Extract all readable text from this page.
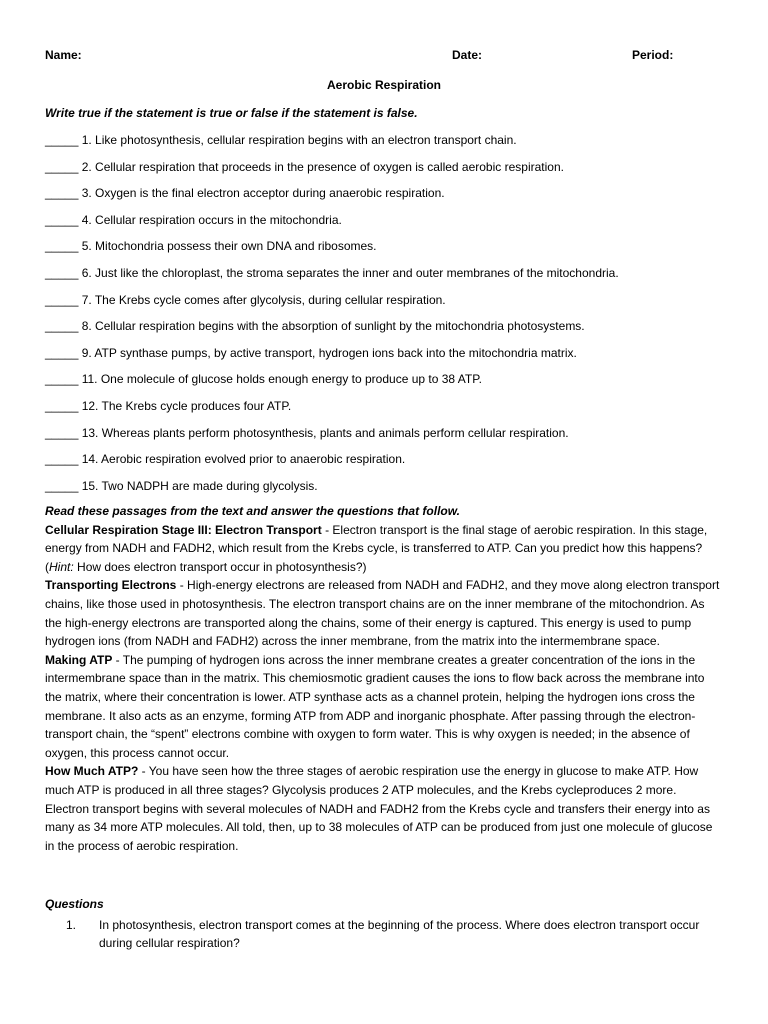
Name:	Date:	Period:
Aerobic Respiration
Write true if the statement is true or false if the statement is false.
_____ 1. Like photosynthesis, cellular respiration begins with an electron transport chain.
_____ 2. Cellular respiration that proceeds in the presence of oxygen is called aerobic respiration.
_____ 3. Oxygen is the final electron acceptor during anaerobic respiration.
_____ 4. Cellular respiration occurs in the mitochondria.
_____ 5. Mitochondria possess their own DNA and ribosomes.
_____ 6. Just like the chloroplast, the stroma separates the inner and outer membranes of the mitochondria.
_____ 7. The Krebs cycle comes after glycolysis, during cellular respiration.
_____ 8. Cellular respiration begins with the absorption of sunlight by the mitochondria photosystems.
_____ 9. ATP synthase pumps, by active transport, hydrogen ions back into the mitochondria matrix.
_____ 11. One molecule of glucose holds enough energy to produce up to 38 ATP.
_____ 12. The Krebs cycle produces four ATP.
_____ 13. Whereas plants perform photosynthesis, plants and animals perform cellular respiration.
_____ 14. Aerobic respiration evolved prior to anaerobic respiration.
_____ 15. Two NADPH are made during glycolysis.
Read these passages from the text and answer the questions that follow.

Cellular Respiration Stage III: Electron Transport - Electron transport is the final stage of aerobic respiration. In this stage, energy from NADH and FADH2, which result from the Krebs cycle, is transferred to ATP. Can you predict how this happens? (Hint: How does electron transport occur in photosynthesis?)

Transporting Electrons - High-energy electrons are released from NADH and FADH2, and they move along electron transport chains, like those used in photosynthesis. The electron transport chains are on the inner membrane of the mitochondrion. As the high-energy electrons are transported along the chains, some of their energy is captured. This energy is used to pump hydrogen ions (from NADH and FADH2) across the inner membrane, from the matrix into the intermembrane space.

Making ATP - The pumping of hydrogen ions across the inner membrane creates a greater concentration of the ions in the intermembrane space than in the matrix. This chemiosmotic gradient causes the ions to flow back across the membrane into the matrix, where their concentration is lower. ATP synthase acts as a channel protein, helping the hydrogen ions cross the membrane. It also acts as an enzyme, forming ATP from ADP and inorganic phosphate. After passing through the electron-transport chain, the “spent” electrons combine with oxygen to form water. This is why oxygen is needed; in the absence of oxygen, this process cannot occur.

How Much ATP? - You have seen how the three stages of aerobic respiration use the energy in glucose to make ATP. How much ATP is produced in all three stages? Glycolysis produces 2 ATP molecules, and the Krebs cycleproduces 2 more. Electron transport begins with several molecules of NADH and FADH2 from the Krebs cycle and transfers their energy into as many as 34 more ATP molecules. All told, then, up to 38 molecules of ATP can be produced from just one molecule of glucose in the process of aerobic respiration.

Questions
1.	In photosynthesis, electron transport comes at the beginning of the process. Where does electron transport occur during cellular respiration?
